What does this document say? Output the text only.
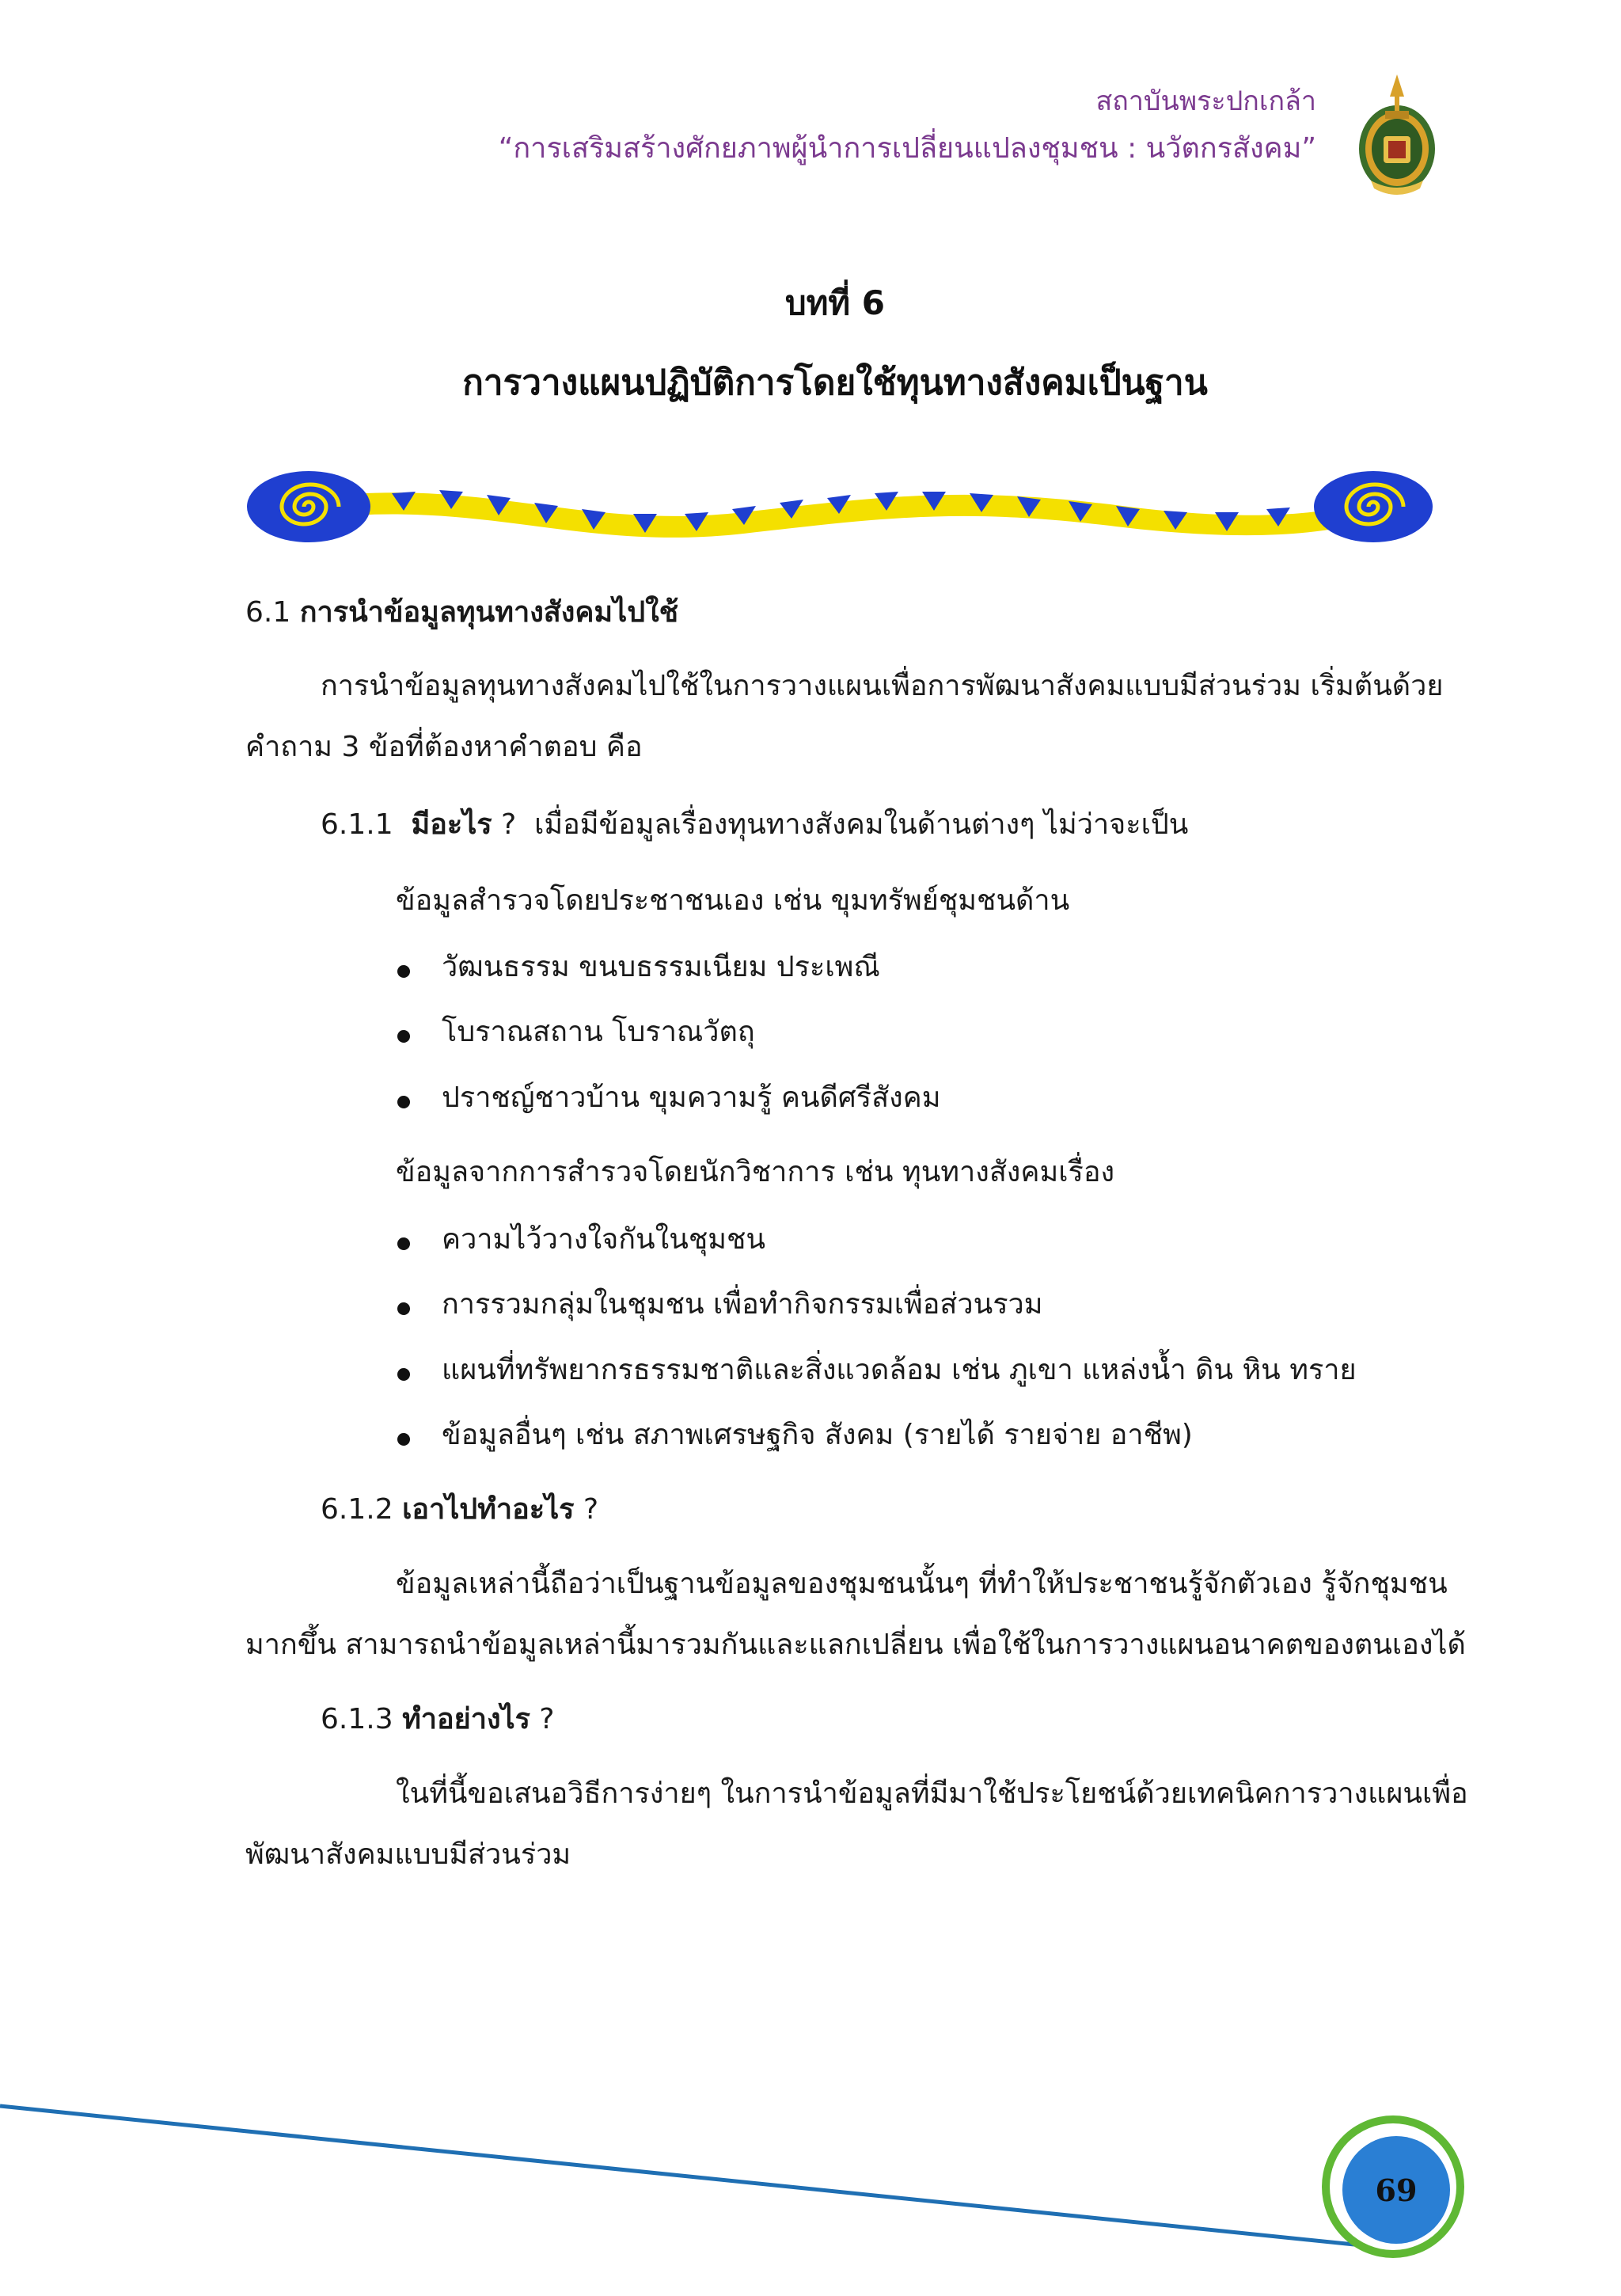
สถาบันพระปกเกล้า
“การเสริมสร้างศักยภาพผู้นำการเปลี่ยนแปลงชุมชน : นวัตกรสังคม”
บทที่ 6
การวางแผนปฏิบัติการโดยใช้ทุนทางสังคมเป็นฐาน
6.1 การนำข้อมูลทุนทางสังคมไปใช้
การนำข้อมูลทุนทางสังคมไปใช้ในการวางแผนเพื่อการพัฒนาสังคมแบบมีส่วนร่วม เริ่มต้นด้วย
คำถาม 3 ข้อที่ต้องหาคำตอบ คือ
6.1.1 มีอะไร ? เมื่อมีข้อมูลเรื่องทุนทางสังคมในด้านต่างๆ ไม่ว่าจะเป็น
ข้อมูลสำรวจโดยประชาชนเอง เช่น ขุมทรัพย์ชุมชนด้าน
วัฒนธรรม ขนบธรรมเนียม ประเพณี
โบราณสถาน โบราณวัตถุ
ปราชญ์ชาวบ้าน ขุมความรู้ คนดีศรีสังคม
ข้อมูลจากการสำรวจโดยนักวิชาการ เช่น ทุนทางสังคมเรื่อง
ความไว้วางใจกันในชุมชน
การรวมกลุ่มในชุมชน เพื่อทำกิจกรรมเพื่อส่วนรวม
แผนที่ทรัพยากรธรรมชาติและสิ่งแวดล้อม เช่น ภูเขา แหล่งน้ำ ดิน หิน ทราย
ข้อมูลอื่นๆ เช่น สภาพเศรษฐกิจ สังคม (รายได้ รายจ่าย อาชีพ)
6.1.2 เอาไปทำอะไร ?
ข้อมูลเหล่านี้ถือว่าเป็นฐานข้อมูลของชุมชนนั้นๆ ที่ทำให้ประชาชนรู้จักตัวเอง รู้จักชุมชน
มากขึ้น สามารถนำข้อมูลเหล่านี้มารวมกันและแลกเปลี่ยน เพื่อใช้ในการวางแผนอนาคตของตนเองได้
6.1.3 ทำอย่างไร ?
ในที่นี้ขอเสนอวิธีการง่ายๆ ในการนำข้อมูลที่มีมาใช้ประโยชน์ด้วยเทคนิคการวางแผนเพื่อ
พัฒนาสังคมแบบมีส่วนร่วม
69
